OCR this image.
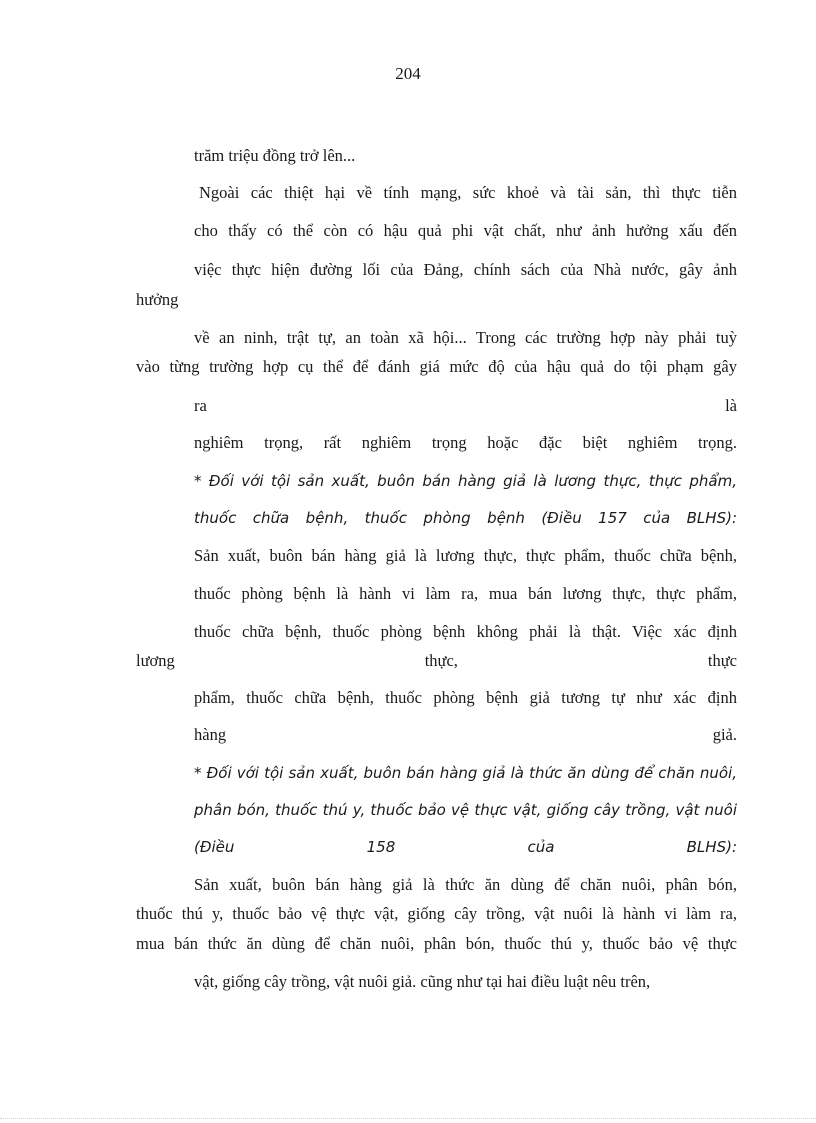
204
trăm triệu đồng trở lên...
Ngoài các thiệt hại về tính mạng, sức khoẻ và tài sản, thì thực tiễn
cho thấy có thể còn có hậu quả phi vật chất, như ảnh hưởng xấu đến
việc thực hiện đường lối của Đảng, chính sách của Nhà nước, gây ảnh
hưởng
về an ninh, trật tự, an toàn xã hội... Trong các trường hợp này phải tuỳ
vào từng trường hợp cụ thể để đánh giá mức độ của hậu quả do tội phạm gây
ra	là
nghiêm trọng, rất nghiêm trọng hoặc đặc biệt nghiêm trọng.
* Đối với tội sản xuất, buôn bán hàng giả là lương thực, thực phẩm,
thuốc chữa bệnh, thuốc phòng bệnh (Điều 157 của BLHS):
Sản xuất, buôn bán hàng giả là lương thực, thực phẩm, thuốc chữa bệnh,
thuốc phòng bệnh là hành vi làm ra, mua bán lương thực, thực phẩm,
thuốc chữa bệnh, thuốc phòng bệnh không phải là thật. Việc xác định
lương	thực,	thực
phẩm, thuốc chữa bệnh, thuốc phòng bệnh giả tương tự như xác định
hàng	giả.
* Đối với tội sản xuất, buôn bán hàng giả là thức ăn dùng để chăn nuôi,
phân bón, thuốc thú y, thuốc bảo vệ thực vật, giống cây trồng, vật nuôi
(Điều	158	của	BLHS):
Sản xuất, buôn bán hàng giả là thức ăn dùng để chăn nuôi, phân bón,
thuốc thú y, thuốc bảo vệ thực vật, giống cây trồng, vật nuôi là hành vi làm ra,
mua bán thức ăn dùng để chăn nuôi, phân bón, thuốc thú y, thuốc bảo vệ thực
vật, giống cây trồng, vật nuôi giả. cũng như tại hai điều luật nêu trên,
